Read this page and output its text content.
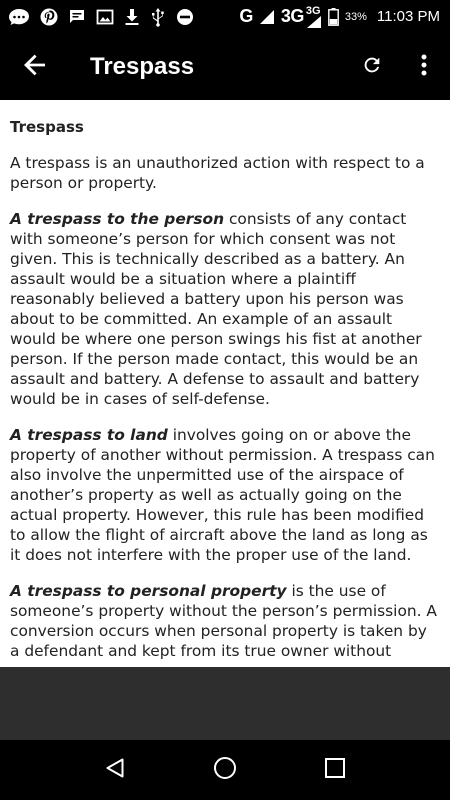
G 3G 3G 33% 11:03 PM
Trespass
Trespass

A trespass is an unauthorized action with respect to a person or property.

A trespass to the person consists of any contact with someone’s person for which consent was not given. This is technically described as a battery. An assault would be a situation where a plaintiff reasonably believed a battery upon his person was about to be committed. An example of an assault would be where one person swings his fist at another person. If the person made contact, this would be an assault and battery. A defense to assault and battery would be in cases of self-defense.

A trespass to land involves going on or above the property of another without permission. A trespass can also involve the unpermitted use of the airspace of another’s property as well as actually going on the actual property. However, this rule has been modified to allow the flight of aircraft above the land as long as it does not interfere with the proper use of the land.

A trespass to personal property is the use of someone’s property without the person’s permission. A conversion occurs when personal property is taken by a defendant and kept from its true owner without
